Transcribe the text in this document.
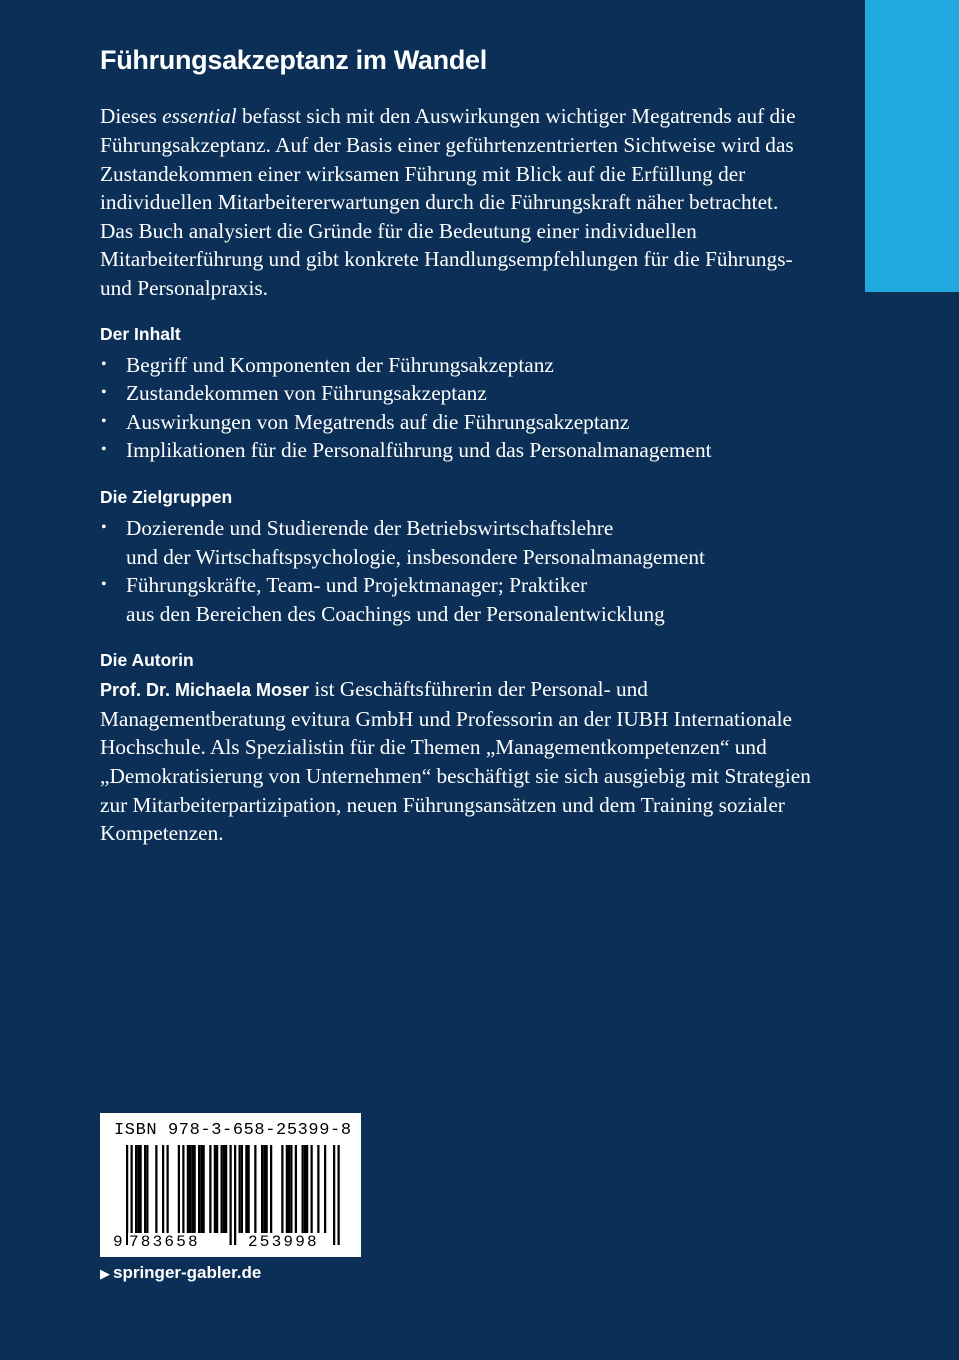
Führungsakzeptanz im Wandel

Dieses essential befasst sich mit den Auswirkungen wichtiger Megatrends auf die Führungsakzeptanz. Auf der Basis einer geführtenzentrierten Sichtweise wird das Zustandekommen einer wirksamen Führung mit Blick auf die Erfüllung der individuellen Mitarbeitererwartungen durch die Führungskraft näher betrachtet. Das Buch analysiert die Gründe für die Bedeutung einer individuellen Mitarbeiterführung und gibt konkrete Handlungsempfehlungen für die Führungs- und Personalpraxis.

Der Inhalt
• Begriff und Komponenten der Führungsakzeptanz
• Zustandekommen von Führungsakzeptanz
• Auswirkungen von Megatrends auf die Führungsakzeptanz
• Implikationen für die Personalführung und das Personalmanagement
Die Zielgruppen
• Dozierende und Studierende der Betriebswirtschaftslehre
und der Wirtschaftspsychologie, insbesondere Personalmanagement
• Führungskräfte, Team- und Projektmanager; Praktiker
aus den Bereichen des Coachings und der Personalentwicklung
Die Autorin

Prof. Dr. Michaela Moser ist Geschäftsführerin der Personal- und Managementberatung evitura GmbH und Professorin an der IUBH Internationale Hochschule. Als Spezialistin für die Themen „Managementkompetenzen“ und „Demokratisierung von Unternehmen“ beschäftigt sie sich ausgiebig mit Strategien zur Mitarbeiterpartizipation, neuen Führungsansätzen und dem Training sozialer Kompetenzen.

ISBN 978-3-658-25399-8
9 783658	253998
▶ springer-gabler.de
